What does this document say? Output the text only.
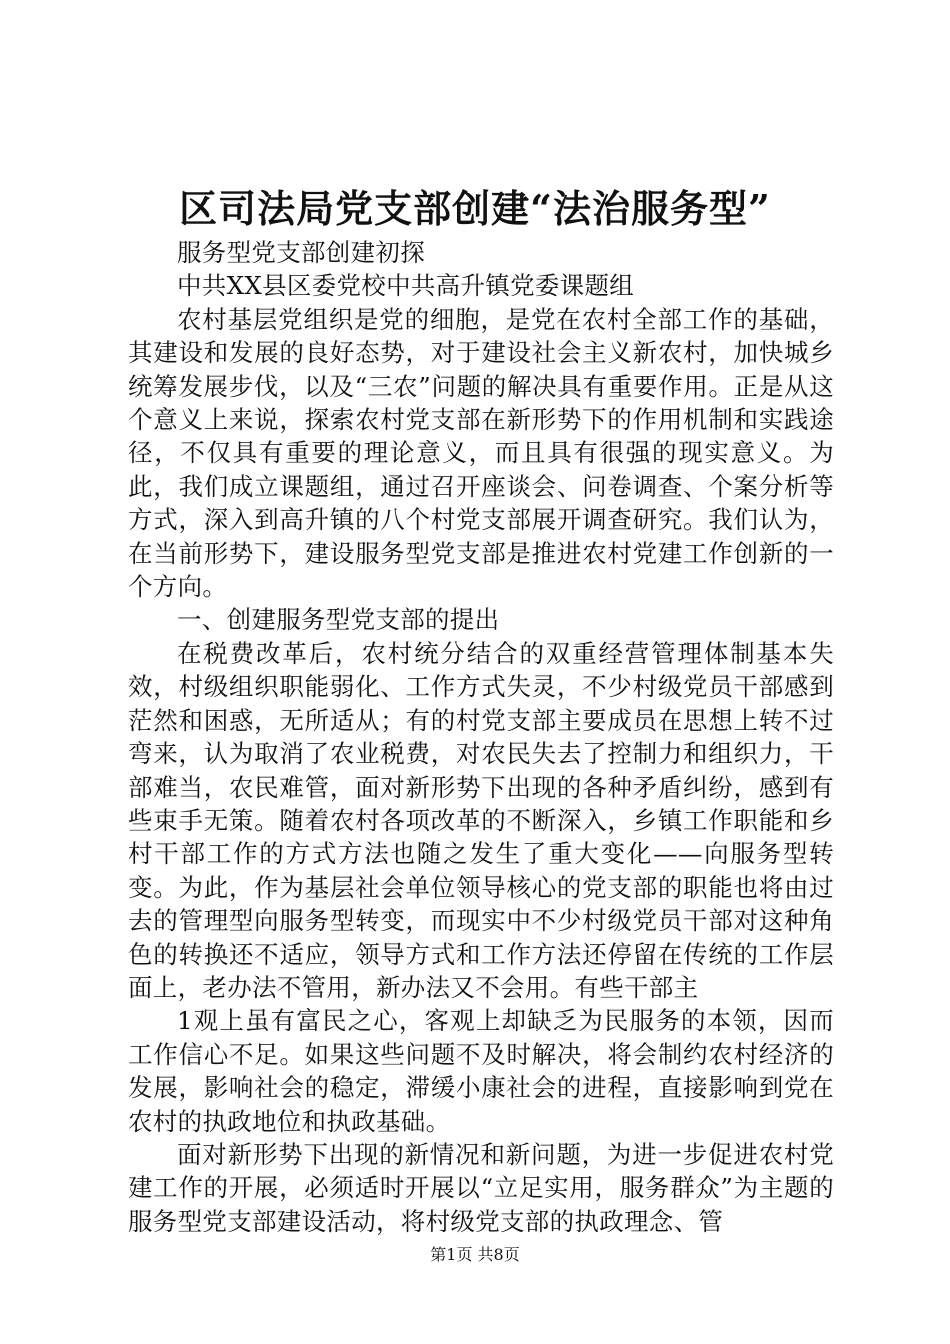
区司法局党支部创建“法治服务型”

服务型党支部创建初探

中共XX县区委党校中共高升镇党委课题组

农村基层党组织是党的细胞，是党在农村全部工作的基础，其建设和发展的良好态势，对于建设社会主义新农村，加快城乡统筹发展步伐，以及“三农”问题的解决具有重要作用。正是从这个意义上来说，探索农村党支部在新形势下的作用机制和实践途径，不仅具有重要的理论意义，而且具有很强的现实意义。为此，我们成立课题组，通过召开座谈会、问卷调查、个案分析等方式，深入到高升镇的八个村党支部展开调查研究。我们认为，在当前形势下，建设服务型党支部是推进农村党建工作创新的一个方向。

一、创建服务型党支部的提出

在税费改革后，农村统分结合的双重经营管理体制基本失效，村级组织职能弱化、工作方式失灵，不少村级党员干部感到茫然和困惑，无所适从；有的村党支部主要成员在思想上转不过弯来，认为取消了农业税费，对农民失去了控制力和组织力，干部难当，农民难管，面对新形势下出现的各种矛盾纠纷，感到有些束手无策。随着农村各项改革的不断深入，乡镇工作职能和乡村干部工作的方式方法也随之发生了重大变化——向服务型转变。为此，作为基层社会单位领导核心的党支部的职能也将由过去的管理型向服务型转变，而现实中不少村级党员干部对这种角色的转换还不适应，领导方式和工作方法还停留在传统的工作层面上，老办法不管用，新办法又不会用。有些干部主

1观上虽有富民之心，客观上却缺乏为民服务的本领，因而工作信心不足。如果这些问题不及时解决，将会制约农村经济的发展，影响社会的稳定，滞缓小康社会的进程，直接影响到党在农村的执政地位和执政基础。

面对新形势下出现的新情况和新问题，为进一步促进农村党建工作的开展，必须适时开展以“立足实用，服务群众”为主题的服务型党支部建设活动，将村级党支部的执政理念、管

第1页 共8页
